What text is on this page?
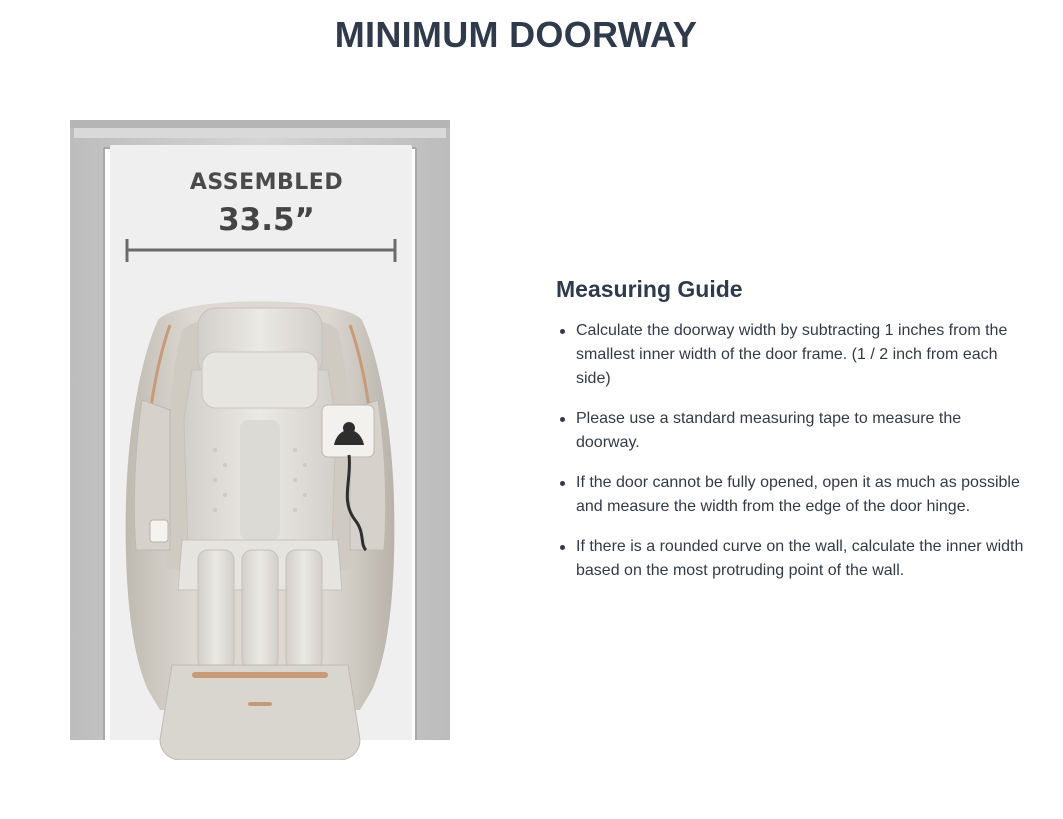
MINIMUM DOORWAY
ASSEMBLED
33.5”
Measuring Guide
Calculate the doorway width by subtracting 1 inches from the smallest inner width of the door frame. (1 / 2 inch from each side)
Please use a standard measuring tape to measure the doorway.
If the door cannot be fully opened, open it as much as possible and measure the width from the edge of the door hinge.
If there is a rounded curve on the wall, calculate the inner width based on the most protruding point of the wall.
